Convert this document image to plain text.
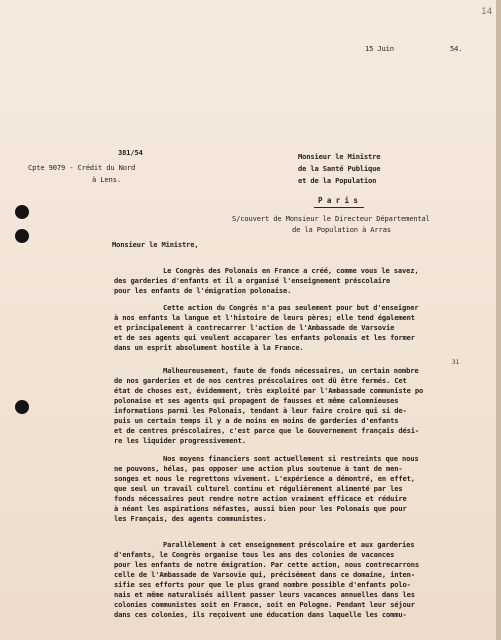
14
15 Juin	54.
381/54
Cpte 9079 - Crédit du Nord
à Lens.
Monsieur le Ministre
de la Santé Publique
et de la Population
P a r i s
S/couvert de Monsieur le Directeur Départemental
de la Population à Arras
Monsieur le Ministre,
31
Le Congrès des Polonais en France a créé, comme vous le savez,
des garderies d'enfants et il a organisé l'enseignement préscolaire
pour les enfants de l'émigration polonaise.
Cette action du Congrès n'a pas seulement pour but d'enseigner
à nos enfants la langue et l'histoire de leurs pères; elle tend également
et principalement à contrecarrer l'action de l'Ambassade de Varsovie
et de ses agents qui veulent accaparer les enfants polonais et les former
dans un esprit absolument hostile à la France.
Malheureusement, faute de fonds nécessaires, un certain nombre
de nos garderies et de nos centres préscolaires ont dû être fermés. Cet
état de choses est, évidemment, très exploité par l'Ambassade communiste po
polonaise et ses agents qui propagent de fausses et même calomnieuses
informations parmi les Polonais, tendant à leur faire croire qui si de-
puis un certain temps il y a de moins en moins de garderies d'enfants
et de centres préscolaires, c'est parce que le Gouvernement français dési-
re les liquider progressivement.
Nos moyens financiers sont actuellement si restreints que nous
ne pouvons, hélas, pas opposer une action plus soutenue à tant de men-
songes et nous le regrettons vivement. L'expérience a démontré, en effet,
que seul un travail culturel continu et régulièrement alimenté par les
fonds nécessaires peut rendre notre action vraiment efficace et réduire
à néant les aspirations néfastes, aussi bien pour les Polonais que pour
les Français, des agents communistes.
Parallèlement à cet enseignement préscolaire et aux garderies
d'enfants, le Congrès organise tous les ans des colonies de vacances
pour les enfants de notre émigration. Par cette action, nous contrecarrons
celle de l'Ambassade de Varsovie qui, précisément dans ce domaine, inten-
sifie ses efforts pour que le plus grand nombre possible d'enfants polo-
nais et même naturalisés aillent passer leurs vacances annuelles dans les
colonies communistes soit en France, soit en Pologne. Pendant leur séjour
dans ces colonies, ils reçoivent une éducation dans laquelle les commu-
